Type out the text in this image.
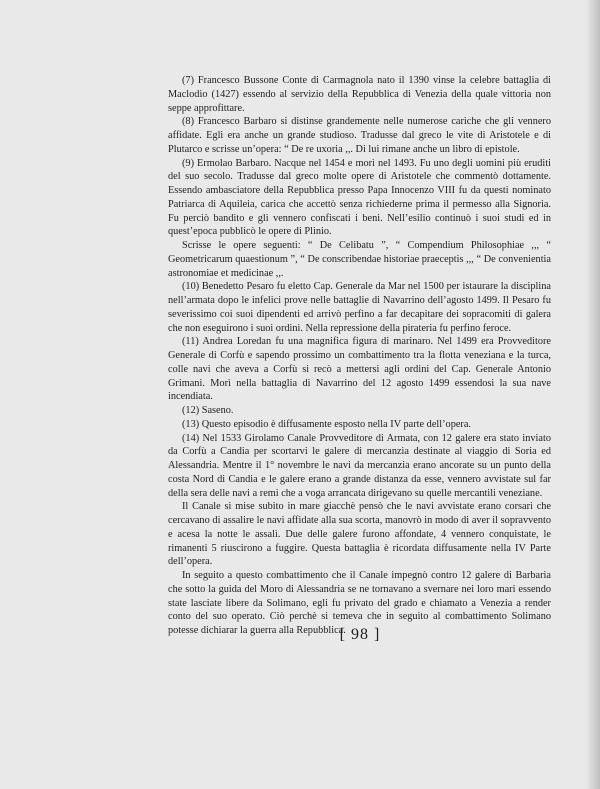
(7) Francesco Bussone Conte di Carmagnola nato il 1390 vinse la celebre battaglia di Maclodio (1427) essendo al servizio della Repubblica di Venezia della quale vittoria non seppe approfittare.

(8) Francesco Barbaro si distinse grandemente nelle numerose cariche che gli vennero affidate. Egli era anche un grande studioso. Tradusse dal greco le vite di Aristotele e di Plutarco e scrisse un’opera: “ De re uxoria ,,. Di lui rimane anche un libro di epistole.

(9) Ermolao Barbaro. Nacque nel 1454 e morì nel 1493. Fu uno degli uomini più eruditi del suo secolo. Tradusse dal greco molte opere di Aristotele che commentò dottamente. Essendo ambasciatore della Repubblica presso Papa Innocenzo VIII fu da questi nominato Patriarca di Aquileia, carica che accettò senza richiederne prima il permesso alla Signoria. Fu perciò bandito e gli vennero confiscati i beni. Nell’esilio continuò i suoi studi ed in quest’epoca pubblicò le opere di Plinio.

Scrisse le opere seguenti: “ De Celibatu ”, “ Compendium Philosophiae ,,, “ Geometricarum quaestionum ”, “ De conscribendae historiae praeceptis ,,, “ De convenientia astronomiae et medicinae ,,.

(10) Benedetto Pesaro fu eletto Cap. Generale da Mar nel 1500 per istaurare la disciplina nell’armata dopo le infelici prove nelle battaglie di Navarrino dell’agosto 1499. Il Pesaro fu severissimo coi suoi dipendenti ed arrivò perfino a far decapitare dei sopracomiti di galera che non eseguirono i suoi ordini. Nella repressione della pirateria fu perfino feroce.

(11) Andrea Loredan fu una magnifica figura di marinaro. Nel 1499 era Provveditore Generale di Corfù e sapendo prossimo un combattimento tra la flotta veneziana e la turca, colle navi che aveva a Corfù si recò a mettersi agli ordini del Cap. Generale Antonio Grimani. Morì nella battaglia di Navarrino del 12 agosto 1499 essendosi la sua nave incendiata.

(12) Saseno.

(13) Questo episodio è diffusamente esposto nella IV parte dell’opera.

(14) Nel 1533 Girolamo Canale Provveditore di Armata, con 12 galere era stato inviato da Corfù a Candia per scortarvi le galere di mercanzia destinate al viaggio di Soria ed Alessandria. Mentre il 1° novembre le navi da mercanzia erano ancorate su un punto della costa Nord di Candia e le galere erano a grande distanza da esse, vennero avvistate sul far della sera delle navi a remi che a voga arrancata dirigevano su quelle mercantili veneziane.

Il Canale si mise subito in mare giacchè pensò che le navi avvistate erano corsari che cercavano di assalire le navi affidate alla sua scorta, manovrò in modo di aver il sopravvento e acesa la notte le assalì. Due delle galere furono affondate, 4 vennero conquistate, le rimanenti 5 riuscirono a fuggire. Questa battaglia è ricordata diffusamente nella IV Parte dell’opera.

In seguito a questo combattimento che il Canale impegnò contro 12 galere di Barbaria che sotto la guida del Moro di Alessandria se ne tornavano a svernare nei loro mari essendo state lasciate libere da Solimano, egli fu privato del grado e chiamato a Venezia a render conto del suo operato. Ciò perchè si temeva che in seguito al combattimento Solimano potesse dichiarar la guerra alla Repubblica.

[ 98 ]
